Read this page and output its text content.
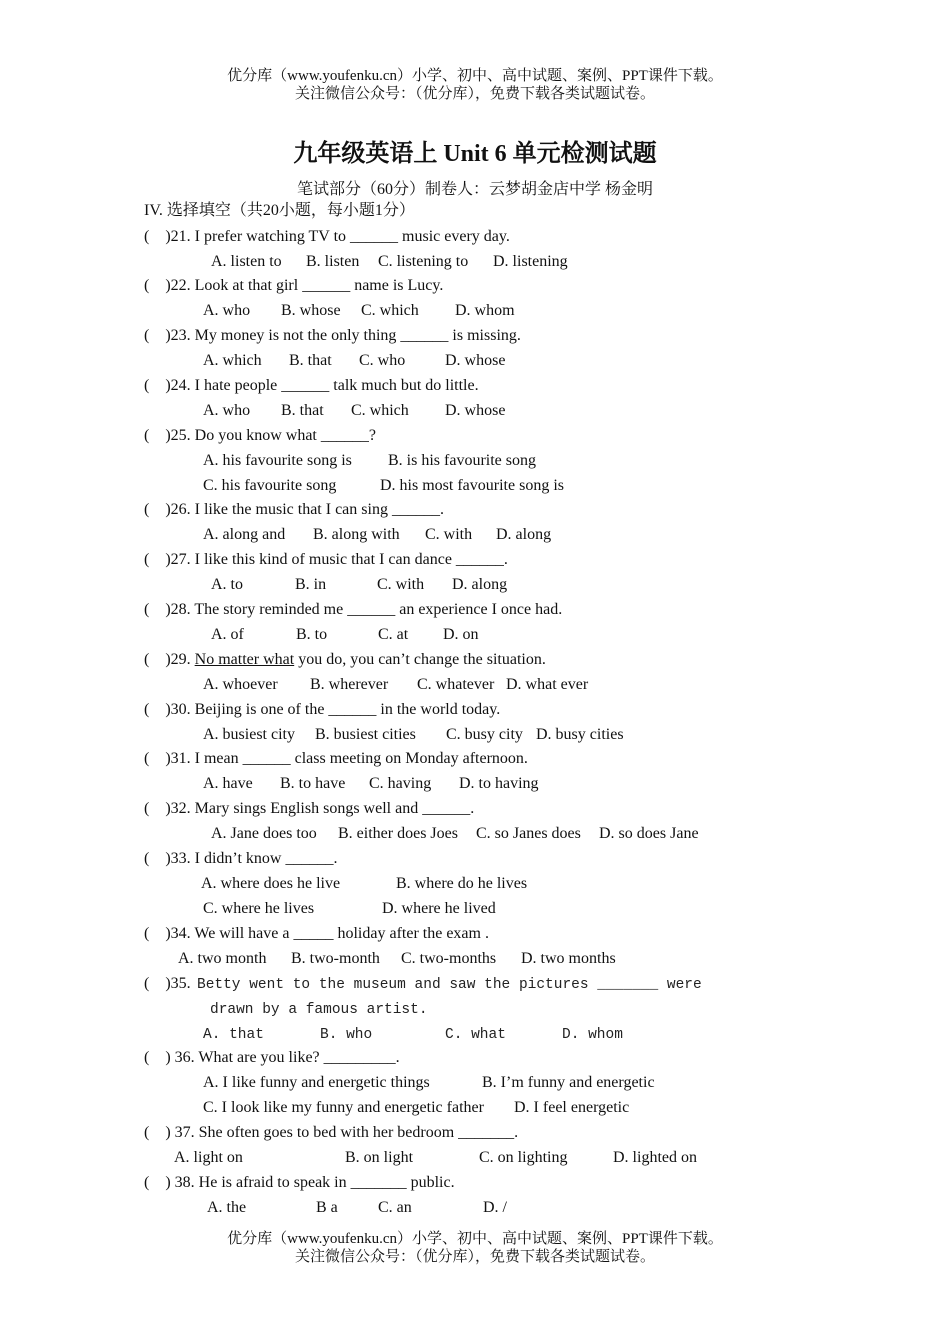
优分库（www.youfenku.cn）小学、初中、高中试题、案例、PPT课件下载。
关注微信公众号：（优分库），免费下载各类试题试卷。
九年级英语上 Unit 6 单元检测试题
笔试部分（60分）制卷人：云梦胡金店中学 杨金明
IV. 选择填空（共20小题，每小题1分）
(    )21. I prefer watching TV to ______ music every day.
A. listen to B. listen C. listening to D. listening
(    )22. Look at that girl ______ name is Lucy.
A. who B. whose C. which D. whom
(    )23. My money is not the only thing ______ is missing.
A. which B. that C. who D. whose
(    )24. I hate people ______ talk much but do little.
A. who B. that C. which D. whose
(    )25. Do you know what ______?
A. his favourite song is B. is his favourite song
C. his favourite song	D. his most favourite song is
(    )26. I like the music that I can sing ______.
A. along and B. along with C. with D. along
(    )27. I like this kind of music that I can dance ______.
A. to	B. in	C. with D. along
(    )28. The story reminded me ______ an experience I once had.
A. of	B. to	C. at D. on
(    )29. No matter what you do, you can’t change the situation.
A. whoever B. wherever C. whatever D. what ever
(    )30. Beijing is one of the ______ in the world today.
A. busiest city B. busiest cities C. busy city D. busy cities
(    )31. I mean ______ class meeting on Monday afternoon.
A. have B. to have C. having D. to having
(    )32. Mary sings English songs well and ______.
A. Jane does too B. either does Joes C. so Janes does D. so does Jane
(    )33. I didn’t know ______.
A. where does he live	B. where do he lives
C. where he lives	D. where he lived
(    )34. We will have a _____ holiday after the exam .
A. two month B. two-month C. two-months D. two months
(    )35. Betty went to the museum and saw the pictures _______ were
drawn by a famous artist.
A. that	B. who	C. what	D. whom
(    ) 36. What are you like? _________.
A. I like funny and energetic things	B. I’m funny and energetic
C. I look like my funny and energetic father D. I feel energetic
(    ) 37. She often goes to bed with her bedroom _______.
A. light on	B. on light	C. on lighting	D. lighted on
(    ) 38. He is afraid to speak in _______ public.
A. the	B a	C. an	D. /
优分库（www.youfenku.cn）小学、初中、高中试题、案例、PPT课件下载。
关注微信公众号：（优分库），免费下载各类试题试卷。
